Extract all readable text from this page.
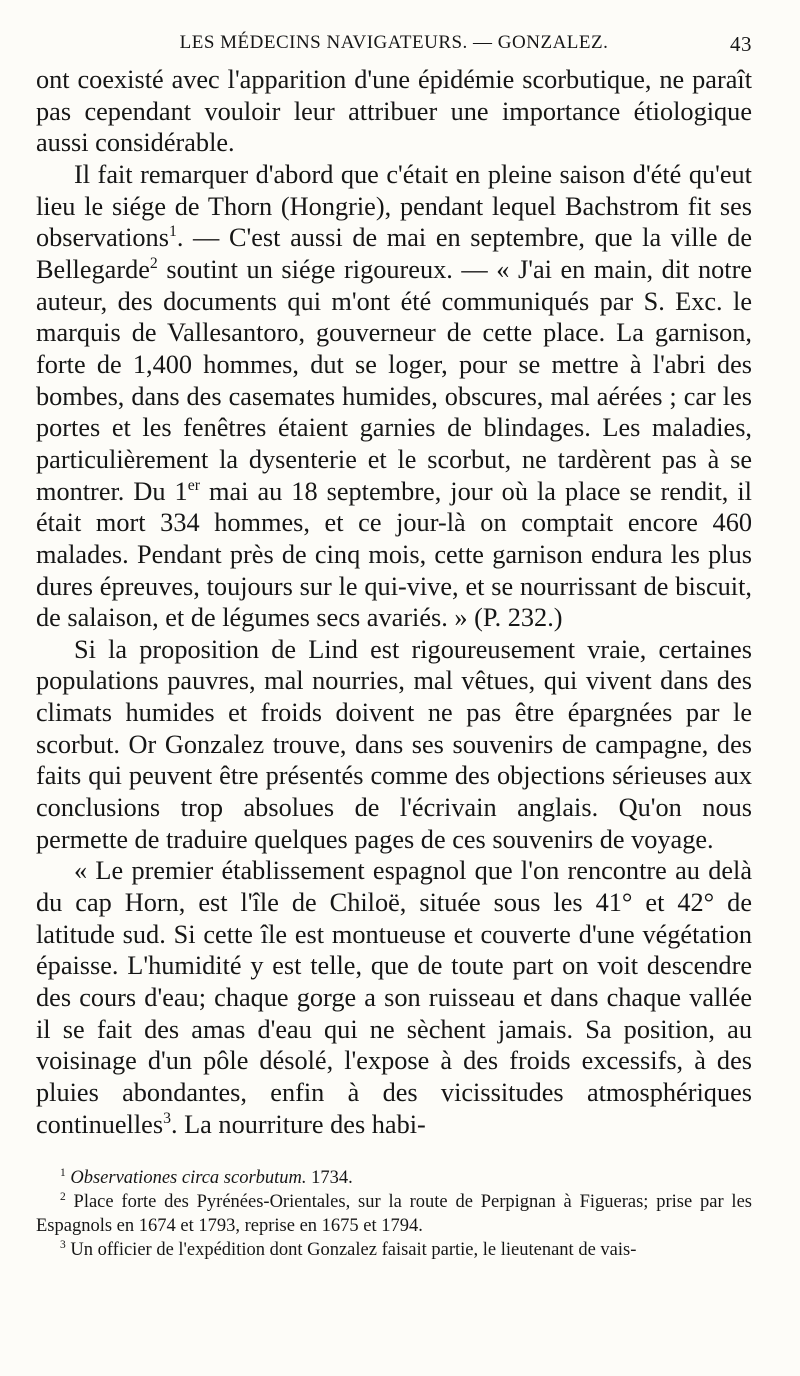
LES MÉDECINS NAVIGATEURS. — GONZALEZ.	43

ont coexisté avec l'apparition d'une épidémie scorbutique, ne paraît pas cependant vouloir leur attribuer une importance étiologique aussi considérable.

Il fait remarquer d'abord que c'était en pleine saison d'été qu'eut lieu le siége de Thorn (Hongrie), pendant lequel Bachstrom fit ses observations$^1$. — C'est aussi de mai en septembre, que la ville de Bellegarde$^2$ soutint un siége rigoureux. — « J'ai en main, dit notre auteur, des documents qui m'ont été communiqués par S. Exc. le marquis de Vallesantoro, gouverneur de cette place. La garnison, forte de 1,400 hommes, dut se loger, pour se mettre à l'abri des bombes, dans des casemates humides, obscures, mal aérées ; car les portes et les fenêtres étaient garnies de blindages. Les maladies, particulièrement la dysenterie et le scorbut, ne tardèrent pas à se montrer. Du 1er mai au 18 septembre, jour où la place se rendit, il était mort 334 hommes, et ce jour-là on comptait encore 460 malades. Pendant près de cinq mois, cette garnison endura les plus dures épreuves, toujours sur le qui-vive, et se nourrissant de biscuit, de salaison, et de légumes secs avariés. » (P. 232.)

Si la proposition de Lind est rigoureusement vraie, certaines populations pauvres, mal nourries, mal vêtues, qui vivent dans des climats humides et froids doivent ne pas être épargnées par le scorbut. Or Gonzalez trouve, dans ses souvenirs de campagne, des faits qui peuvent être présentés comme des objections sérieuses aux conclusions trop absolues de l'écrivain anglais. Qu'on nous permette de traduire quelques pages de ces souvenirs de voyage.

« Le premier établissement espagnol que l'on rencontre au delà du cap Horn, est l'île de Chiloë, située sous les 41° et 42° de latitude sud. Si cette île est montueuse et couverte d'une végétation épaisse. L'humidité y est telle, que de toute part on voit descendre des cours d'eau; chaque gorge a son ruisseau et dans chaque vallée il se fait des amas d'eau qui ne sèchent jamais. Sa position, au voisinage d'un pôle désolé, l'expose à des froids excessifs, à des pluies abondantes, enfin à des vicissitudes atmosphériques continuelles$^3$. La nourriture des habi-

$^1$ Observationes circa scorbutum. 1734.

$^2$ Place forte des Pyrénées-Orientales, sur la route de Perpignan à Figueras; prise par les Espagnols en 1674 et 1793, reprise en 1675 et 1794.

$^3$ Un officier de l'expédition dont Gonzalez faisait partie, le lieutenant de vais-
